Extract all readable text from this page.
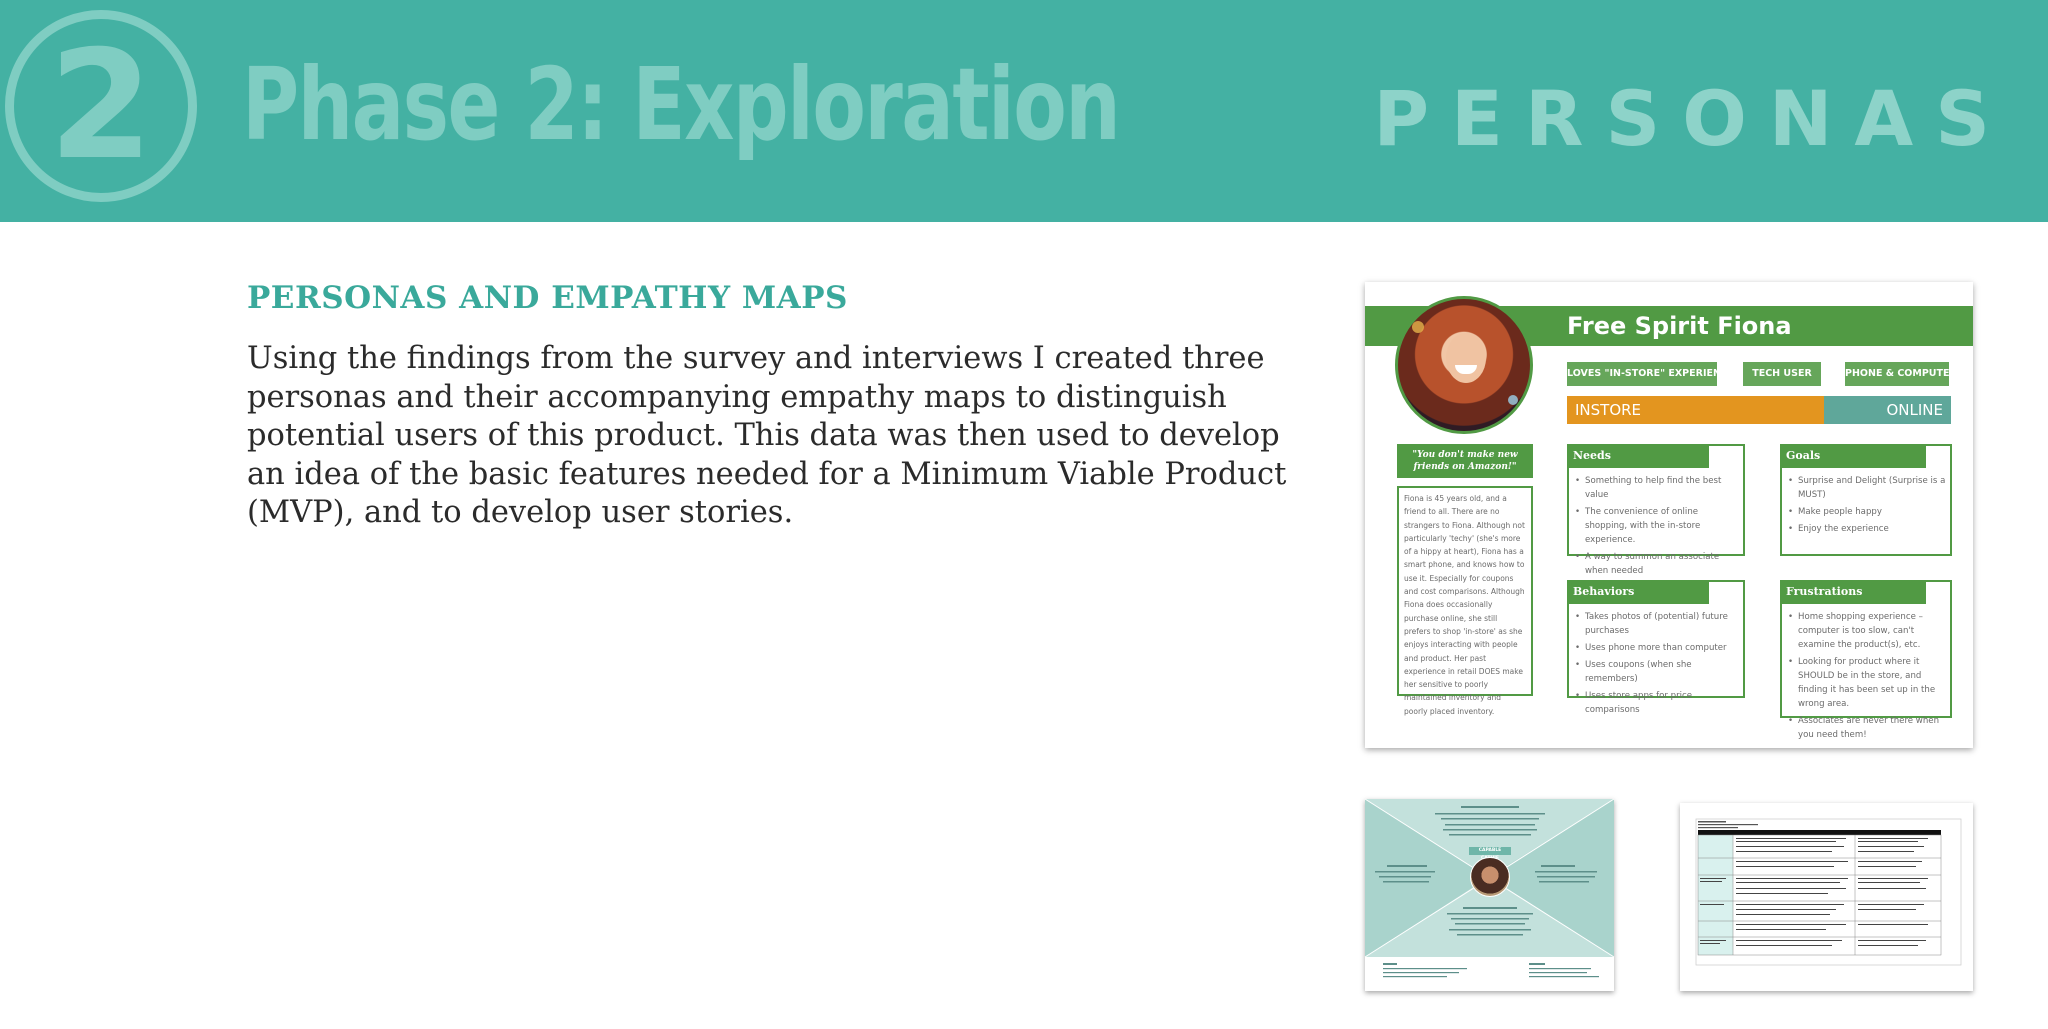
2 Phase 2: Exploration	PERSONAS
PERSONAS AND EMPATHY MAPS
Using the findings from the survey and interviews I created three personas and their accompanying empathy maps to distinguish potential users of this product. This data was then used to develop an idea of the basic features needed for a Minimum Viable Product (MVP), and to develop user stories.
Free Spirit Fiona
LOVES "IN-STORE" EXPERIENCE	TECH USER	PHONE & COMPUTER
INSTORE	ONLINE
"You don't make new friends on Amazon!"
Fiona is 45 years old, and a friend to all. There are no strangers to Fiona. Although not particularly 'techy' (she's more of a hippy at heart), Fiona has a smart phone, and knows how to use it. Especially for coupons and cost comparisons. Although Fiona does occasionally purchase online, she still prefers to shop 'in-store' as she enjoys interacting with people and product. Her past experience in retail DOES make her sensitive to poorly maintained inventory and poorly placed inventory.
Needs
• Something to help find the best value
• The convenience of online shopping, with the in-store experience.
• A way to summon an associate when needed
Goals
• Surprise and Delight (Surprise is a MUST)
• Make people happy
• Enjoy the experience
Behaviors
• Takes photos of (potential) future purchases
• Uses phone more than computer
• Uses coupons (when she remembers)
• Uses store apps for price comparisons
Frustrations
• Home shopping experience – computer is too slow, can't examine the product(s), etc.
• Looking for product where it SHOULD be in the store, and finding it has been set up in the wrong area.
• Associates are never there when you need them!
CAPABLE
